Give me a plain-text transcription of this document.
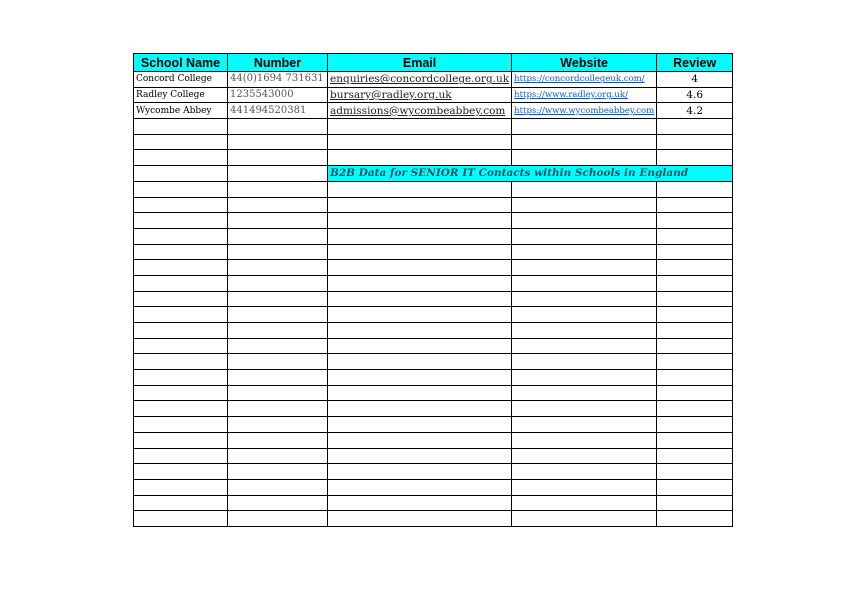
School Name	Number	Email	Website	Review
Concord College	44(0)1694 731631	enquiries@concordcollege.org.uk	https://concordcollegeuk.com/	4
Radley College	1235543000	bursary@radley.org.uk	https://www.radley.org.uk/	4.6
Wycombe Abbey	441494520381	admissions@wycombeabbey.com	https://www.wycombeabbey.com	4.2

		B2B Data for SENIOR IT Contacts within Schools in England		
